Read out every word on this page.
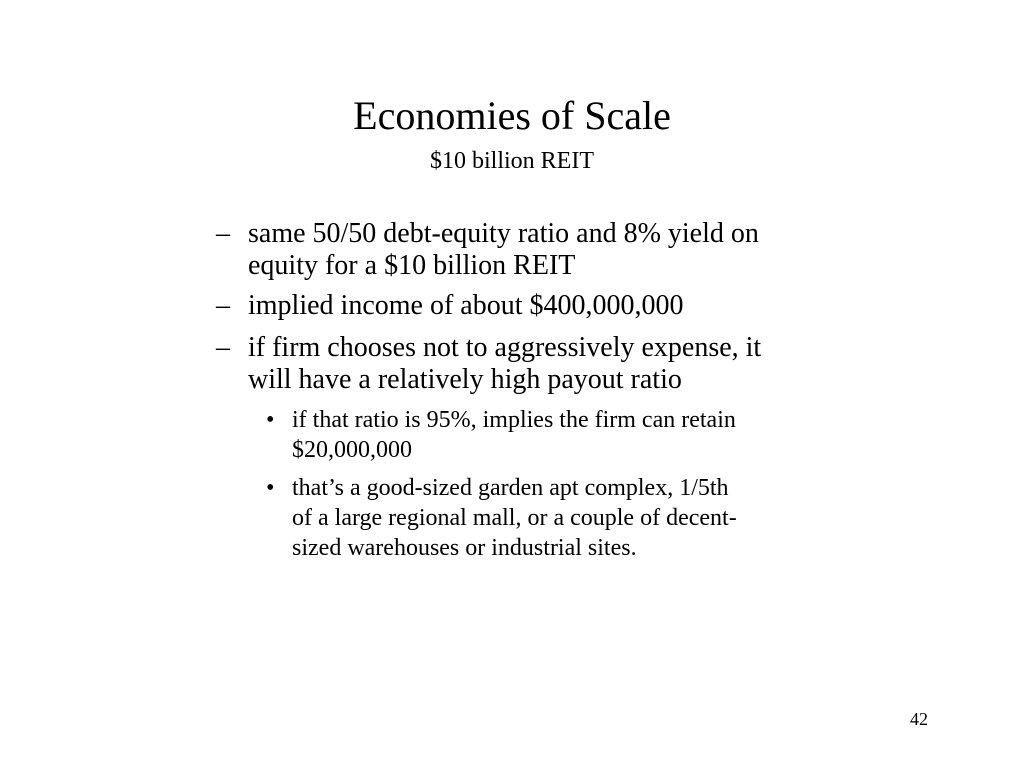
Economies of Scale
$10 billion REIT
– same 50/50 debt-equity ratio and 8% yield on
equity for a $10 billion REIT
– implied income of about $400,000,000
– if firm chooses not to aggressively expense, it
will have a relatively high payout ratio
• if that ratio is 95%, implies the firm can retain
$20,000,000
• that’s a good-sized garden apt complex, 1/5th
of a large regional mall, or a couple of decent-
sized warehouses or industrial sites.
42
